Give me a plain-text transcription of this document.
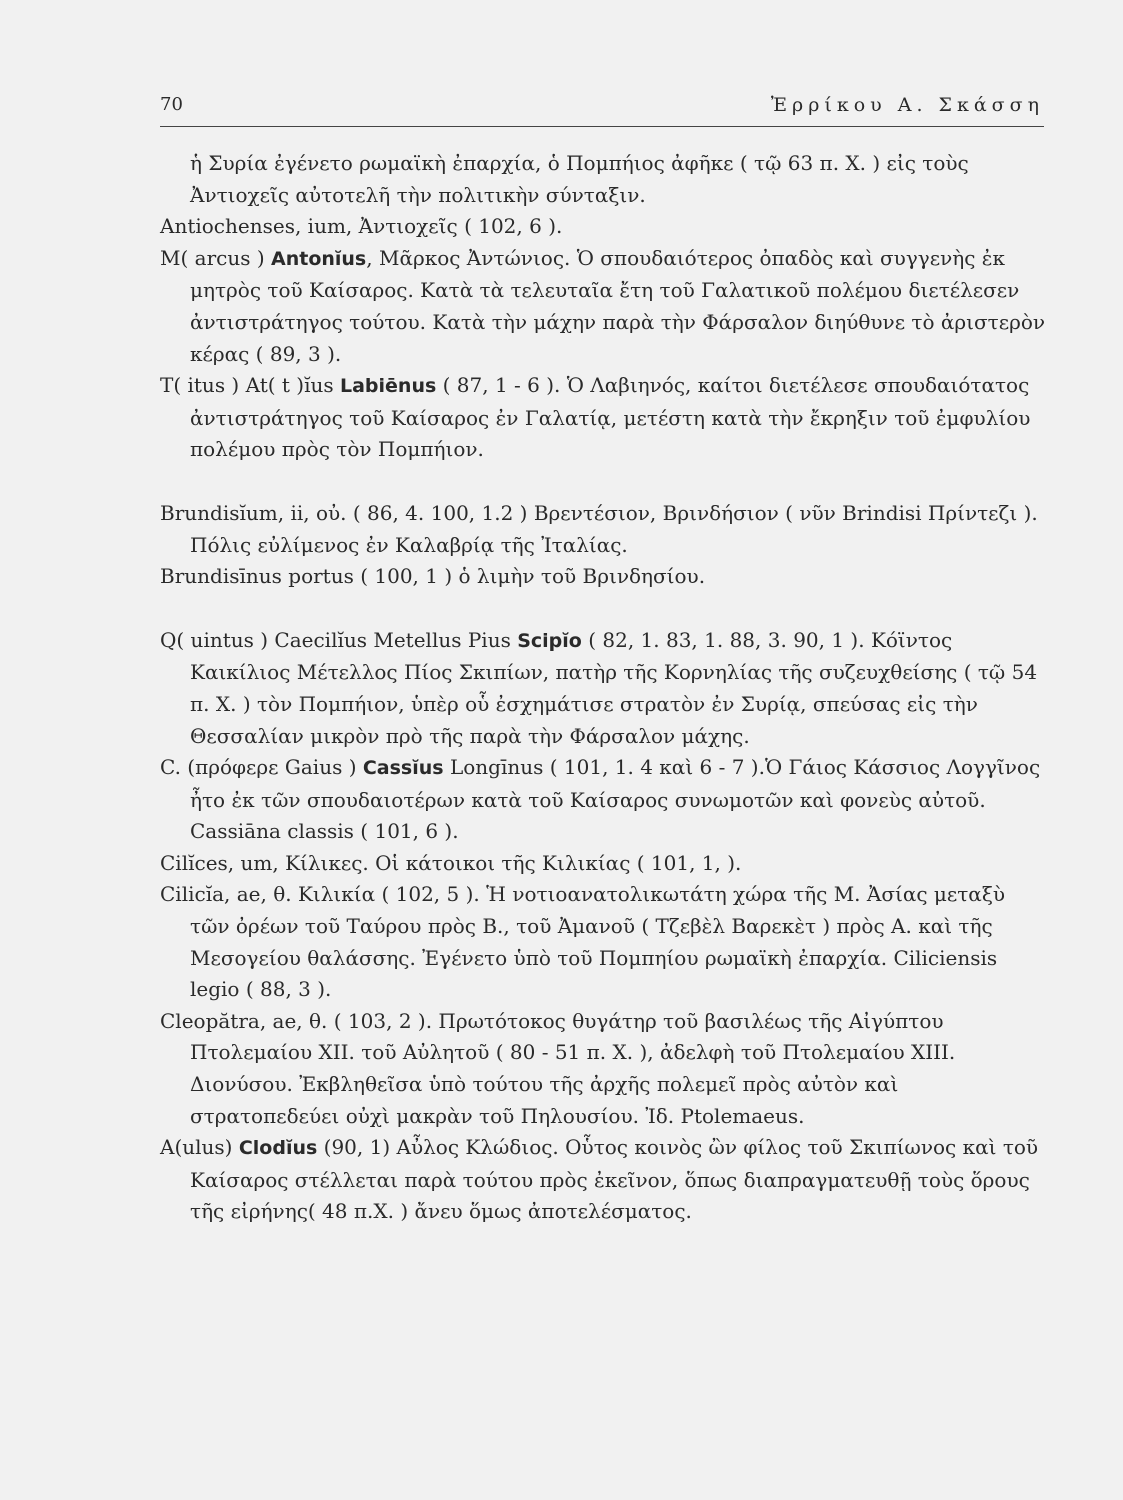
70	Ἐρρίκου Α. Σκάσση

ἡ Συρία ἐγένετο ρωμαϊκὴ ἐπαρχία, ὁ Πομπήιος ἀφῆκε ( τῷ 63 π. Χ. ) εἰς τοὺς Ἀντιοχεῖς αὐτοτελῆ τὴν πολιτικὴν σύνταξιν.

Antiochenses, ium, Ἀντιοχεῖς ( 102, 6 ).

M( arcus ) Antonĭus, Μᾶρκος Ἀντώνιος. Ὁ σπουδαιότερος ὀπαδὸς καὶ συγγενὴς ἐκ μητρὸς τοῦ Καίσαρος. Κατὰ τὰ τελευταῖα ἔτη τοῦ Γαλατικοῦ πολέμου διετέλεσεν ἀντιστράτηγος τούτου. Κατὰ τὴν μάχην παρὰ τὴν Φάρσαλον διηύθυνε τὸ ἀριστερὸν κέρας ( 89, 3 ).

T( itus ) At( t )ĭus Labiēnus ( 87, 1 - 6 ). Ὁ Λαβιηνός, καίτοι διετέλεσε σπουδαιότατος ἀντιστράτηγος τοῦ Καίσαρος ἐν Γαλατίᾳ, μετέστη κατὰ τὴν ἔκρηξιν τοῦ ἐμφυλίου πολέμου πρὸς τὸν Πομπήιον.

Brundisĭum, ii, οὐ. ( 86, 4. 100, 1.2 ) Βρεντέσιον, Βρινδήσιον ( νῦν Brindisi Πρίντεζι ). Πόλις εὐλίμενος ἐν Καλαβρίᾳ τῆς Ἰταλίας.

Brundisīnus portus ( 100, 1 ) ὁ λιμὴν τοῦ Βρινδησίου.

Q( uintus ) Caecilĭus Metellus Pius Scipĭo ( 82, 1. 83, 1. 88, 3. 90, 1 ). Κόϊντος Καικίλιος Μέτελλος Πίος Σκιπίων, πατὴρ τῆς Κορνηλίας τῆς συζευχθείσης ( τῷ 54 π. Χ. ) τὸν Πομπήιον, ὑπὲρ οὗ ἐσχημάτισε στρατὸν ἐν Συρίᾳ, σπεύσας εἰς τὴν Θεσσαλίαν μικρὸν πρὸ τῆς παρὰ τὴν Φάρσαλον μάχης.

C. (πρόφερε Gaius ) Cassĭus Longīnus ( 101, 1. 4 καὶ 6 - 7 ).Ὁ Γάιος Κάσσιος Λογγῖνος ἦτο ἐκ τῶν σπουδαιοτέρων κατὰ τοῦ Καίσαρος συνωμοτῶν καὶ φονεὺς αὐτοῦ. Cassiāna classis ( 101, 6 ).

Cilĭces, um, Κίλικες. Οἱ κάτοικοι τῆς Κιλικίας ( 101, 1, ).

Cilicĭa, ae, θ. Κιλικία ( 102, 5 ). Ἡ νοτιοανατολικωτάτη χώρα τῆς Μ. Ἀσίας μεταξὺ τῶν ὀρέων τοῦ Ταύρου πρὸς Β., τοῦ Ἀμανοῦ ( Τζεβὲλ Βαρεκὲτ ) πρὸς Α. καὶ τῆς Μεσογείου θαλάσσης. Ἐγένετο ὑπὸ τοῦ Πομπηίου ρωμαϊκὴ ἐπαρχία. Ciliciensis legio ( 88, 3 ).

Cleopătra, ae, θ. ( 103, 2 ). Πρωτότοκος θυγάτηρ τοῦ βασιλέως τῆς Αἰγύπτου Πτολεμαίου XII. τοῦ Αὐλητοῦ ( 80 - 51 π. Χ. ), ἀδελφὴ τοῦ Πτολεμαίου XIII. Διονύσου. Ἐκβληθεῖσα ὑπὸ τούτου τῆς ἀρχῆς πολεμεῖ πρὸς αὐτὸν καὶ στρατοπεδεύει οὐχὶ μακρὰν τοῦ Πηλουσίου. Ἰδ. Ptolemaeus.

A(ulus) Clodĭus (90, 1) Αὖλος Κλώδιος. Οὗτος κοινὸς ὢν φίλος τοῦ Σκιπίωνος καὶ τοῦ Καίσαρος στέλλεται παρὰ τούτου πρὸς ἐκεῖνον, ὅπως διαπραγματευθῇ τοὺς ὅρους τῆς εἰρήνης( 48 π.Χ. ) ἄνευ ὅμως ἀποτελέσματος.
